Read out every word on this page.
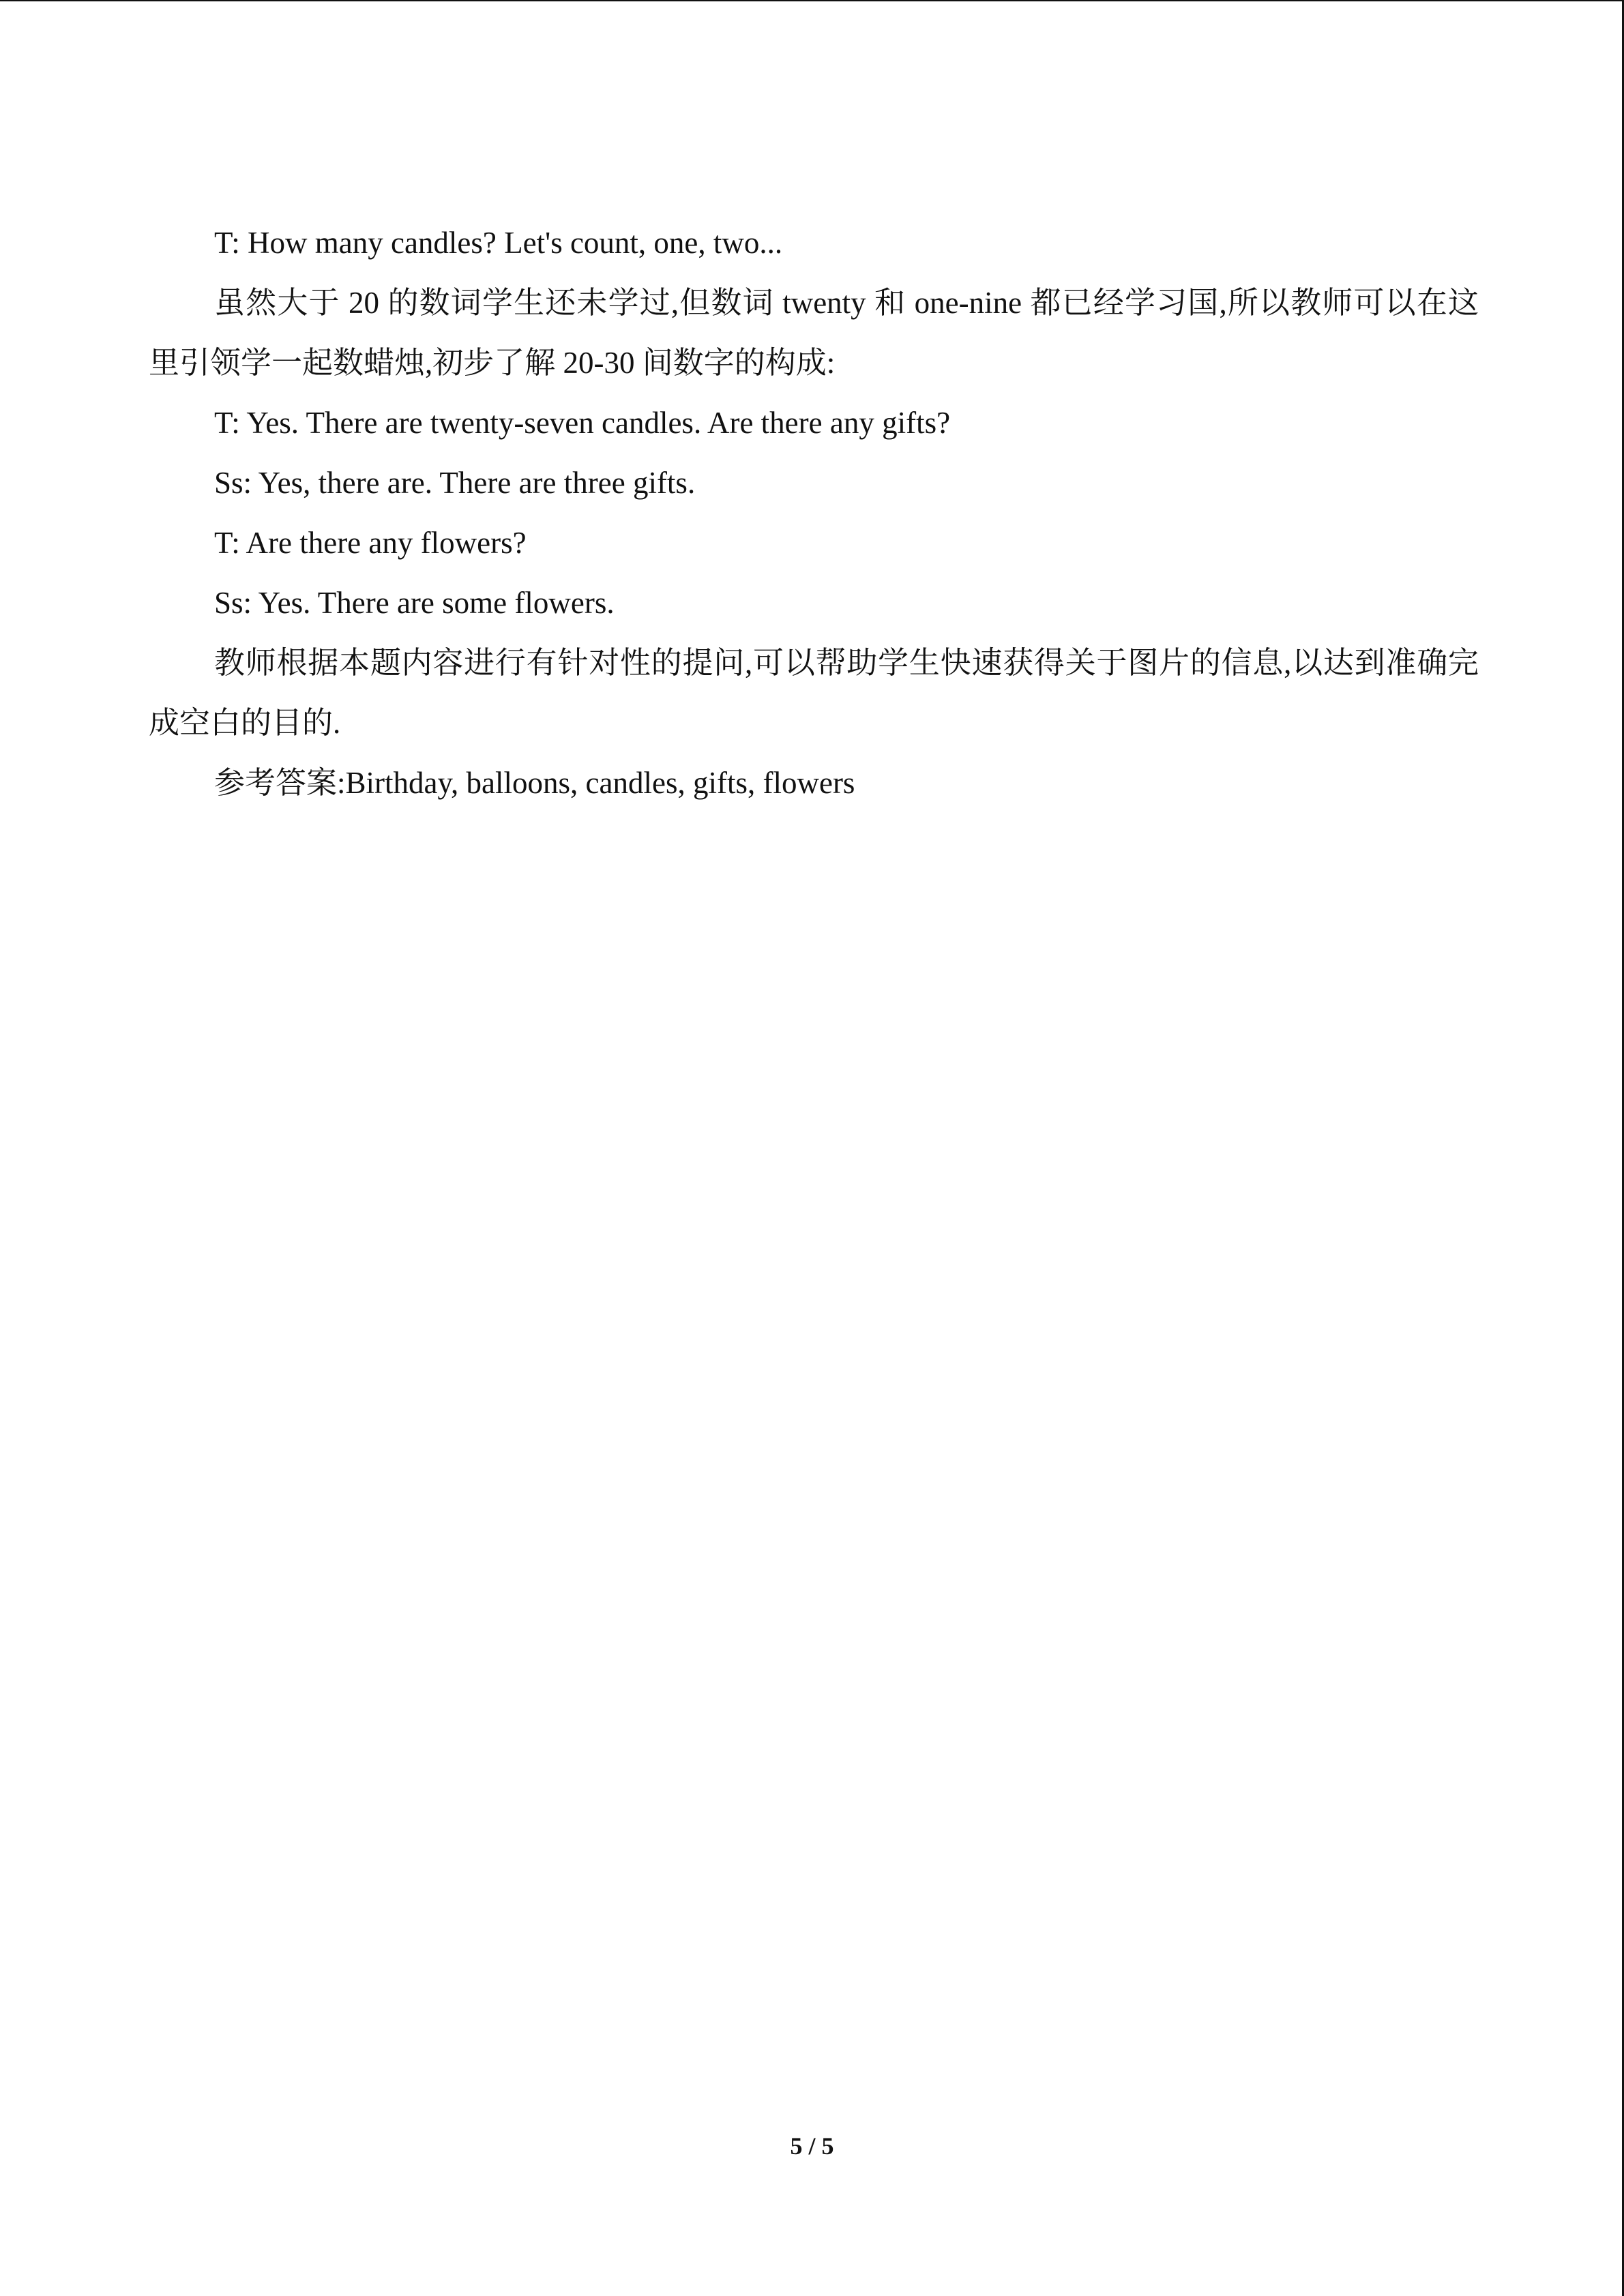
T: How many candles? Let's count, one, two...

虽然大于 20 的数词学生还未学过,但数词 twenty 和 one-nine 都已经学习国,所以教师可以在这里引领学一起数蜡烛,初步了解 20-30 间数字的构成:

T: Yes. There are twenty-seven candles. Are there any gifts?

Ss: Yes, there are. There are three gifts.

T: Are there any flowers?

Ss: Yes. There are some flowers.

教师根据本题内容进行有针对性的提问,可以帮助学生快速获得关于图片的信息,以达到准确完成空白的目的.

参考答案:Birthday, balloons, candles, gifts, flowers

5 / 5
